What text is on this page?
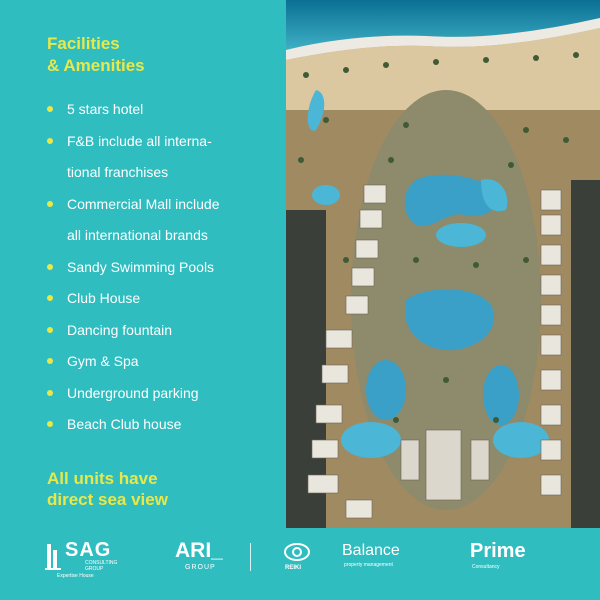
Facilities
& Amenities
5 stars hotel
F&B include all interna-
tional franchises
Commercial Mall include
all international brands
Sandy Swimming Pools
Club House
Dancing fountain
Gym & Spa
Underground parking
Beach Club house
All units have
direct sea view
SAG
CONSULTING
GROUP
Expertise House
ARI_
GROUP	REIKI
Balance
property management
Prime
Consultancy
